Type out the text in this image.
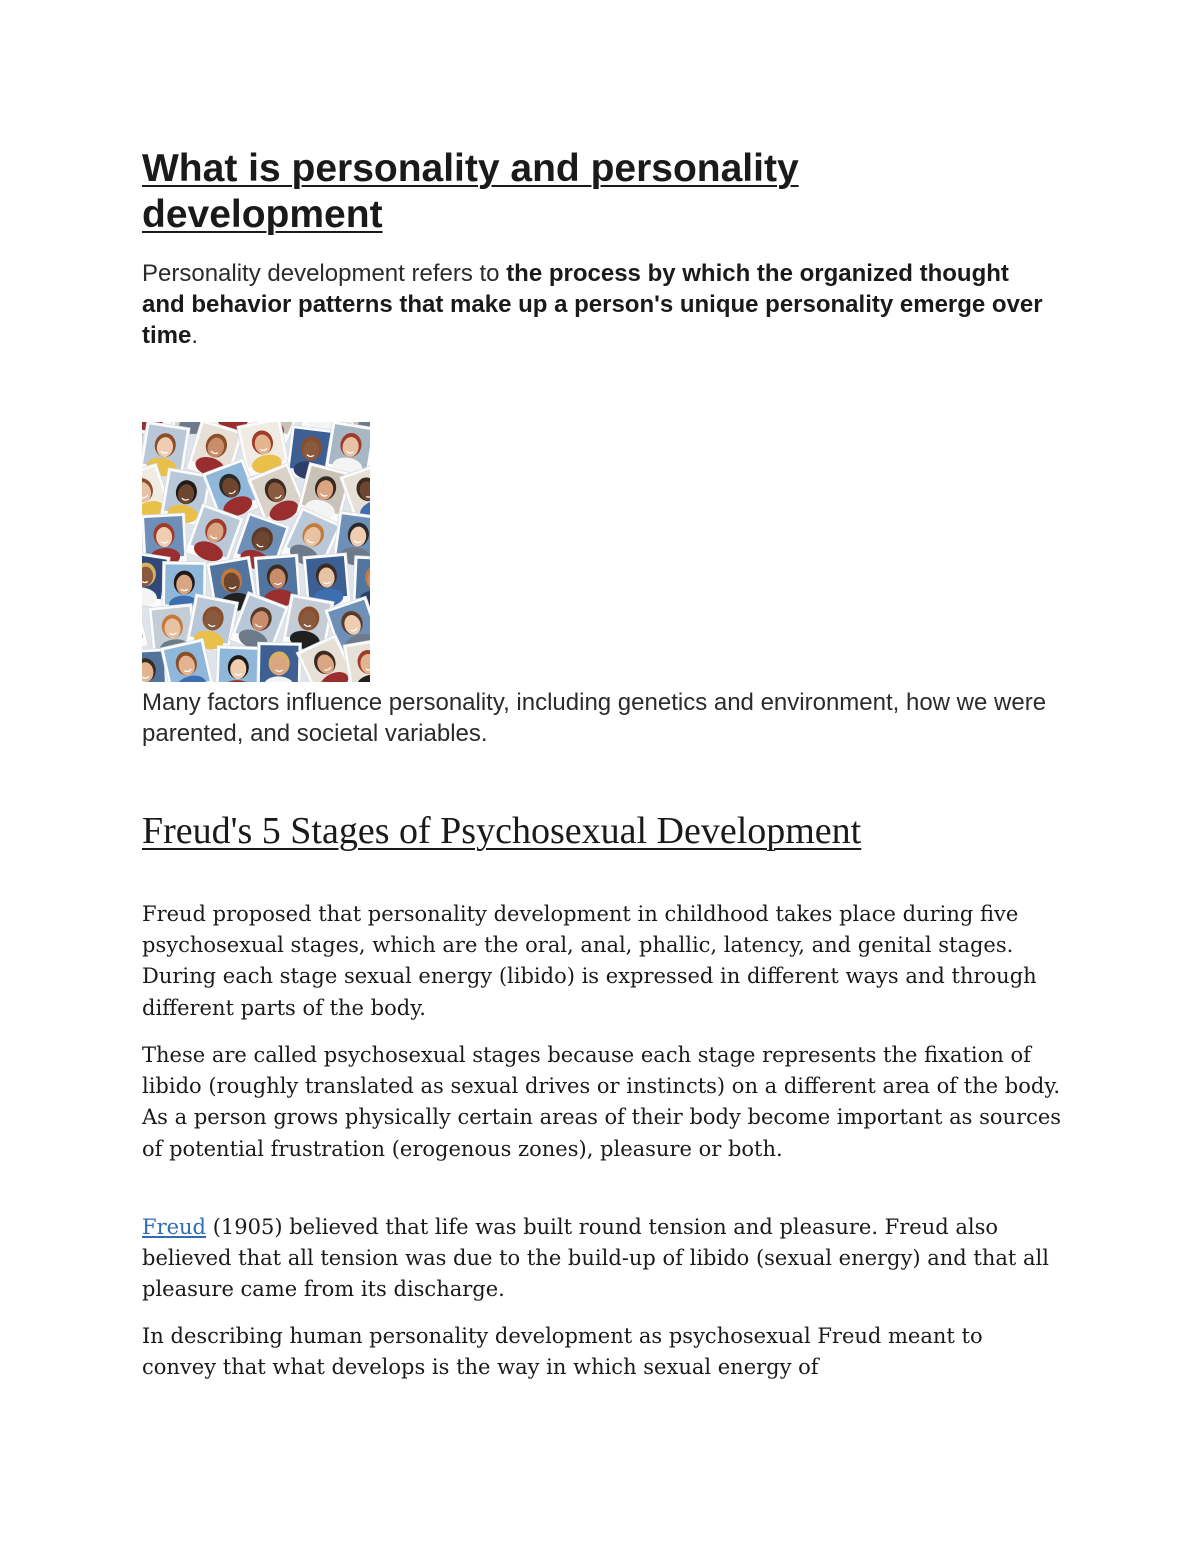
What is personality and personality development

Personality development refers to the process by which the organized thought and behavior patterns that make up a person's unique personality emerge over time.

Many factors influence personality, including genetics and environment, how we were parented, and societal variables.

Freud's 5 Stages of Psychosexual Development

Freud proposed that personality development in childhood takes place during five psychosexual stages, which are the oral, anal, phallic, latency, and genital stages. During each stage sexual energy (libido) is expressed in different ways and through different parts of the body.

These are called psychosexual stages because each stage represents the fixation of libido (roughly translated as sexual drives or instincts) on a different area of the body. As a person grows physically certain areas of their body become important as sources of potential frustration (erogenous zones), pleasure or both.

Freud (1905) believed that life was built round tension and pleasure. Freud also believed that all tension was due to the build-up of libido (sexual energy) and that all pleasure came from its discharge.

In describing human personality development as psychosexual Freud meant to convey that what develops is the way in which sexual energy of
